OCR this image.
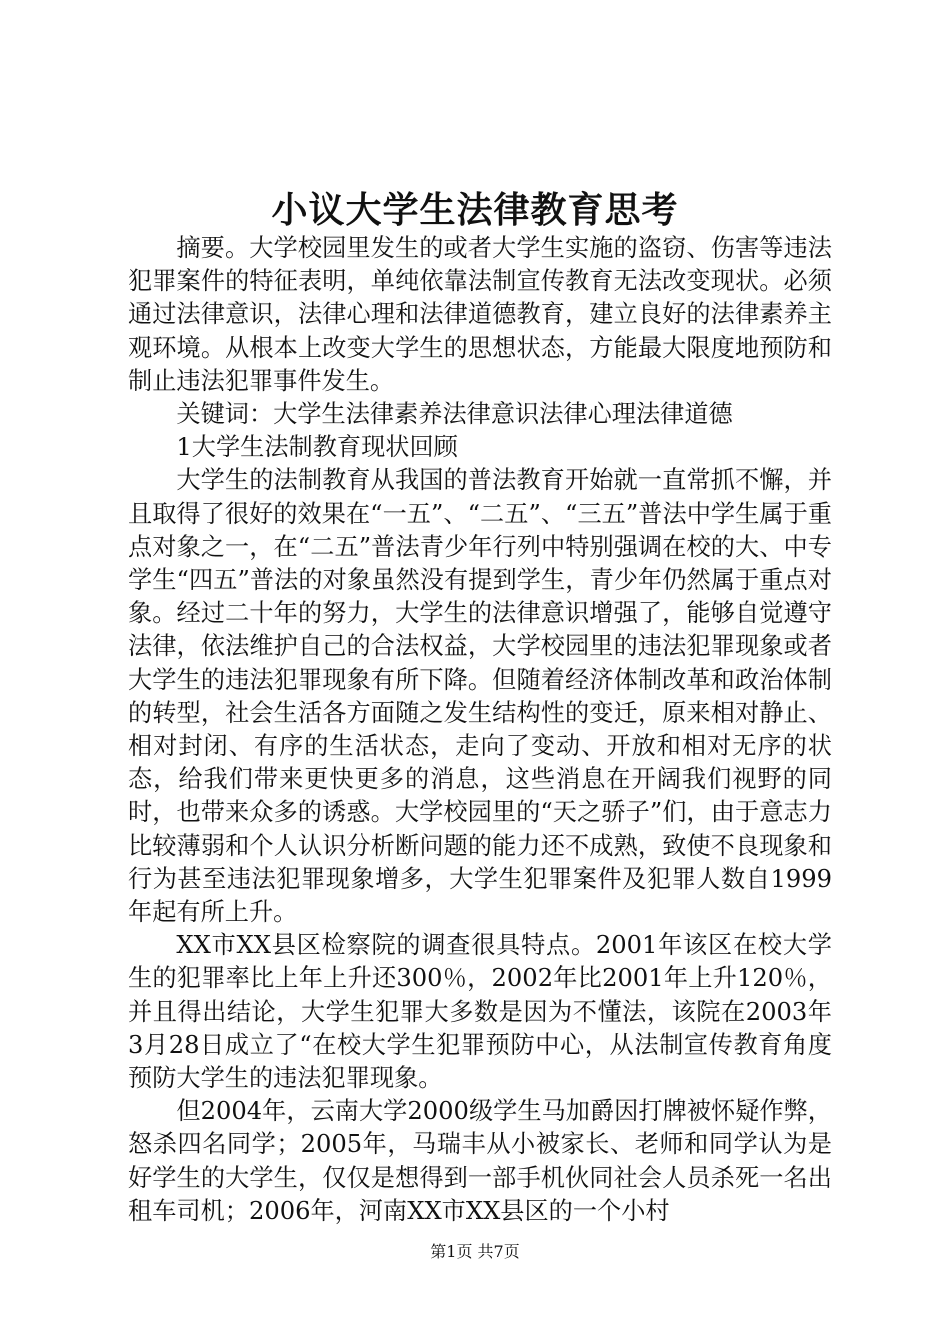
小议大学生法律教育思考

摘要。大学校园里发生的或者大学生实施的盗窃、伤害等违法犯罪案件的特征表明，单纯依靠法制宣传教育无法改变现状。必须通过法律意识，法律心理和法律道德教育，建立良好的法律素养主观环境。从根本上改变大学生的思想状态，方能最大限度地预防和制止违法犯罪事件发生。

关键词：大学生法律素养法律意识法律心理法律道德

1大学生法制教育现状回顾

大学生的法制教育从我国的普法教育开始就一直常抓不懈，并且取得了很好的效果在“一五”、“二五”、“三五”普法中学生属于重点对象之一，在“二五”普法青少年行列中特别强调在校的大、中专学生“四五”普法的对象虽然没有提到学生，青少年仍然属于重点对象。经过二十年的努力，大学生的法律意识增强了，能够自觉遵守法律，依法维护自己的合法权益，大学校园里的违法犯罪现象或者大学生的违法犯罪现象有所下降。但随着经济体制改革和政治体制的转型，社会生活各方面随之发生结构性的变迁，原来相对静止、相对封闭、有序的生活状态，走向了变动、开放和相对无序的状态，给我们带来更快更多的消息，这些消息在开阔我们视野的同时，也带来众多的诱惑。大学校园里的“天之骄子”们，由于意志力比较薄弱和个人认识分析断问题的能力还不成熟，致使不良现象和行为甚至违法犯罪现象增多，大学生犯罪案件及犯罪人数自1999年起有所上升。

XX市XX县区检察院的调查很具特点。2001年该区在校大学生的犯罪率比上年上升还300％，2002年比2001年上升120％，并且得出结论，大学生犯罪大多数是因为不懂法，该院在2003年3月28日成立了“在校大学生犯罪预防中心，从法制宣传教育角度预防大学生的违法犯罪现象。

但2004年，云南大学2000级学生马加爵因打牌被怀疑作弊，怒杀四名同学；2005年，马瑞丰从小被家长、老师和同学认为是好学生的大学生，仅仅是想得到一部手机伙同社会人员杀死一名出租车司机；2006年，河南XX市XX县区的一个小村

第1页 共7页
